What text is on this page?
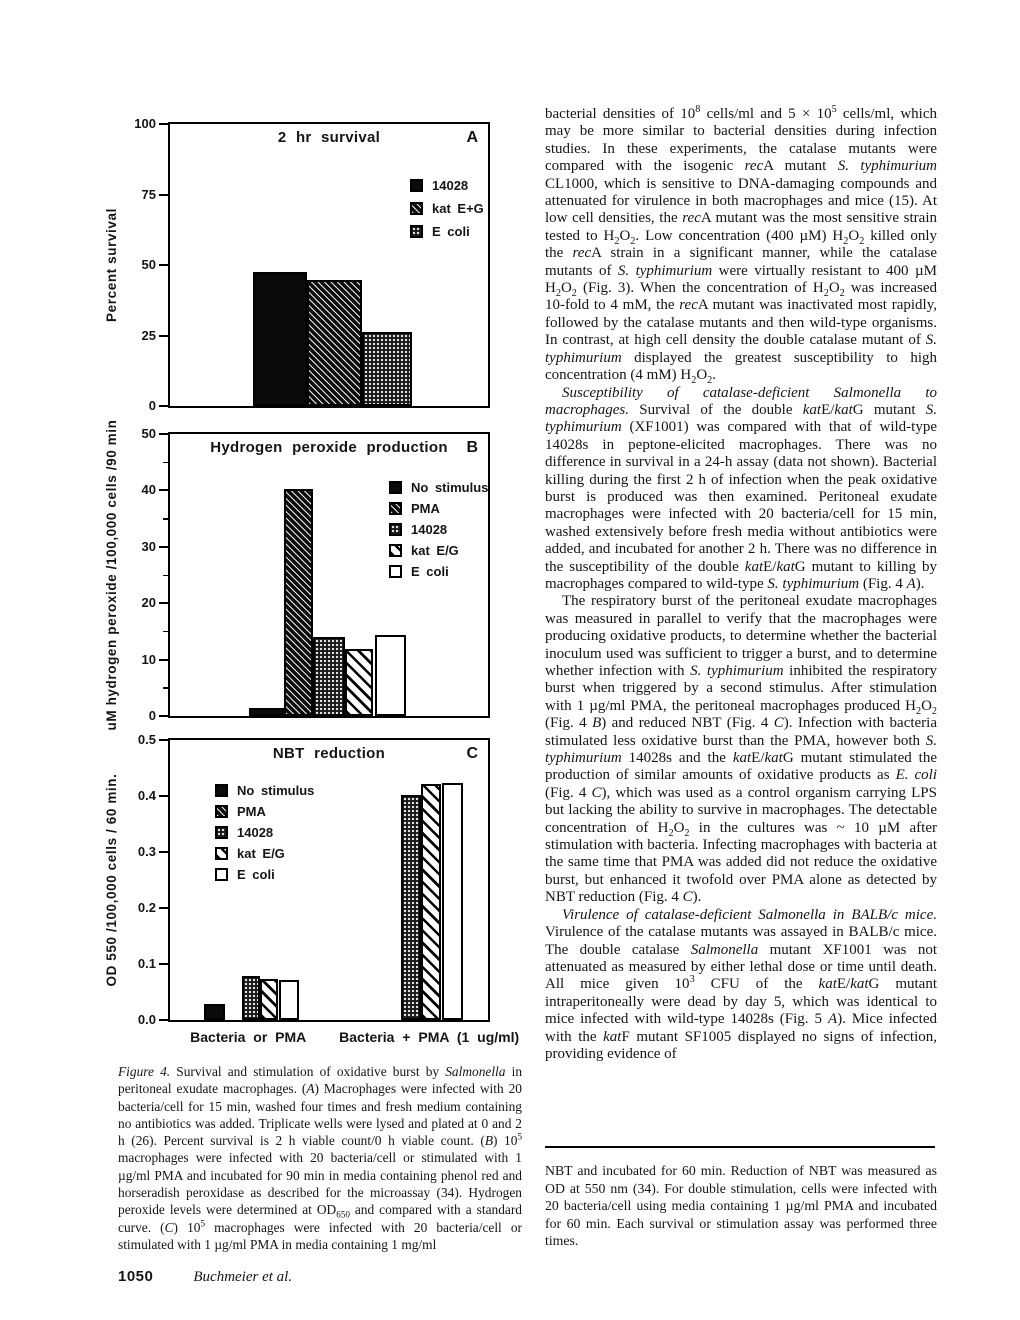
0
25
50
75
100
14028
kat E+G
E coli
2 hr survival	A
Percent survival
0
10
20
30
40
50
No stimulus
PMA
14028
kat E/G
E coli
Hydrogen peroxide production	B
uM hydrogen peroxide /100,000 cells /90 min
0.0
0.1
0.2
0.3
0.4
0.5
No stimulus
PMA
14028
kat E/G
E coli
Bacteria or PMA Bacteria + PMA (1 ug/ml)
NBT reduction	C
OD 550 /100,000 cells / 60 min.

Figure 4. Survival and stimulation of oxidative burst by Salmonella in peritoneal exudate macrophages. (A) Macrophages were infected with 20 bacteria/cell for 15 min, washed four times and fresh medium containing no antibiotics was added. Triplicate wells were lysed and plated at 0 and 2 h (26). Percent survival is 2 h viable count/0 h viable count. (B) $10^5$ macrophages were infected with 20 bacteria/cell or stimulated with 1 µg/ml PMA and incubated for 90 min in media containing phenol red and horseradish peroxidase as described for the microassay (34). Hydrogen peroxide levels were determined at $OD_{650}$ and compared with a standard curve. (C) $10^5$ macrophages were infected with 20 bacteria/cell or stimulated with 1 µg/ml PMA in media containing 1 mg/ml

bacterial densities of $10^8$ cells/ml and $5 \times 10^5$ cells/ml, which may be more similar to bacterial densities during infection studies. In these experiments, the catalase mutants were compared with the isogenic recA mutant S. typhimurium CL1000, which is sensitive to DNA-damaging compounds and attenuated for virulence in both macrophages and mice (15). At low cell densities, the recA mutant was the most sensitive strain tested to $H_2O_2$. Low concentration (400 µM) $H_2O_2$ killed only the recA strain in a significant manner, while the catalase mutants of S. typhimurium were virtually resistant to 400 µM $H_2O_2$ (Fig. 3). When the concentration of $H_2O_2$ was increased 10-fold to 4 mM, the recA mutant was inactivated most rapidly, followed by the catalase mutants and then wild-type organisms. In contrast, at high cell density the double catalase mutant of S. typhimurium displayed the greatest susceptibility to high concentration (4 mM) $H_2O_2$.

Susceptibility of catalase-deficient Salmonella to macrophages. Survival of the double katE/katG mutant S. typhimurium (XF1001) was compared with that of wild-type 14028s in peptone-elicited macrophages. There was no difference in survival in a 24-h assay (data not shown). Bacterial killing during the first 2 h of infection when the peak oxidative burst is produced was then examined. Peritoneal exudate macrophages were infected with 20 bacteria/cell for 15 min, washed extensively before fresh media without antibiotics were added, and incubated for another 2 h. There was no difference in the susceptibility of the double katE/katG mutant to killing by macrophages compared to wild-type S. typhimurium (Fig. 4 A).

The respiratory burst of the peritoneal exudate macrophages was measured in parallel to verify that the macrophages were producing oxidative products, to determine whether the bacterial inoculum used was sufficient to trigger a burst, and to determine whether infection with S. typhimurium inhibited the respiratory burst when triggered by a second stimulus. After stimulation with 1 µg/ml PMA, the peritoneal macrophages produced $H_2O_2$ (Fig. 4 B) and reduced NBT (Fig. 4 C). Infection with bacteria stimulated less oxidative burst than the PMA, however both S. typhimurium 14028s and the katE/katG mutant stimulated the production of similar amounts of oxidative products as E. coli (Fig. 4 C), which was used as a control organism carrying LPS but lacking the ability to survive in macrophages. The detectable concentration of $H_2O_2$ in the cultures was ~ 10 µM after stimulation with bacteria. Infecting macrophages with bacteria at the same time that PMA was added did not reduce the oxidative burst, but enhanced it twofold over PMA alone as detected by NBT reduction (Fig. 4 C).

Virulence of catalase-deficient Salmonella in BALB/c mice. Virulence of the catalase mutants was assayed in BALB/c mice. The double catalase Salmonella mutant XF1001 was not attenuated as measured by either lethal dose or time until death. All mice given $10^3$ CFU of the katE/katG mutant intraperitoneally were dead by day 5, which was identical to mice infected with wild-type 14028s (Fig. 5 A). Mice infected with the katF mutant SF1005 displayed no signs of infection, providing evidence of

NBT and incubated for 60 min. Reduction of NBT was measured as OD at 550 nm (34). For double stimulation, cells were infected with 20 bacteria/cell using media containing 1 µg/ml PMA and incubated for 60 min. Each survival or stimulation assay was performed three times.

1050	Buchmeier et al.
